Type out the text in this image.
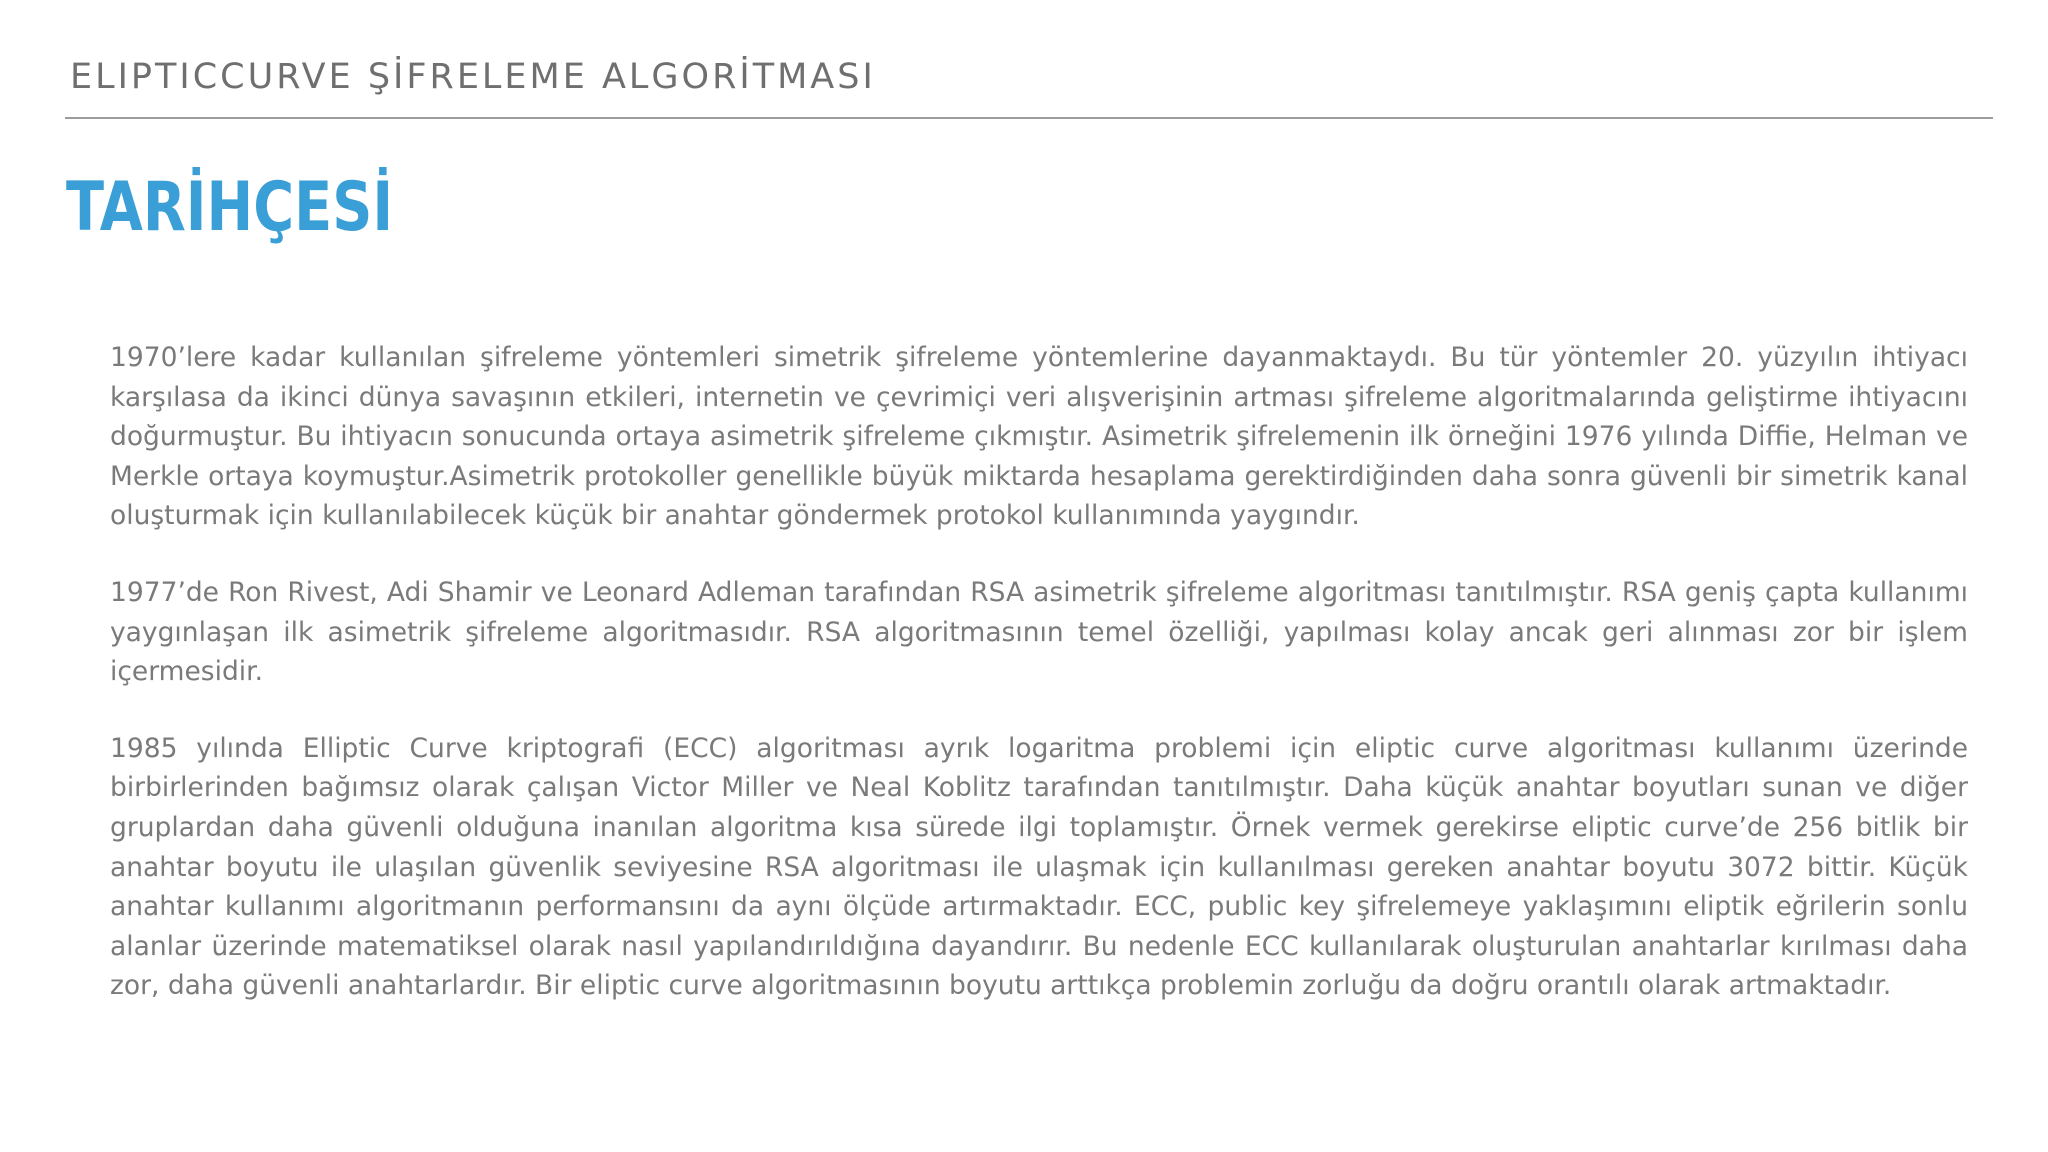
ELIPTICCURVE ŞİFRELEME ALGORİTMASI
TARİHÇESİ

1970’lere kadar kullanılan şifreleme yöntemleri simetrik şifreleme yöntemlerine dayanmaktaydı. Bu tür yöntemler 20. yüzyılın ihtiyacı karşılasa da ikinci dünya savaşının etkileri, internetin ve çevrimiçi veri alışverişinin artması şifreleme algoritmalarında geliştirme ihtiyacını doğurmuştur. Bu ihtiyacın sonucunda ortaya asimetrik şifreleme çıkmıştır. Asimetrik şifrelemenin ilk örneğini 1976 yılında Diffie, Helman ve Merkle ortaya koymuştur.Asimetrik protokoller genellikle büyük miktarda hesaplama gerektirdiğinden daha sonra güvenli bir simetrik kanal oluşturmak için kullanılabilecek küçük bir anahtar göndermek protokol kullanımında yaygındır.

1977’de Ron Rivest, Adi Shamir ve Leonard Adleman tarafından RSA asimetrik şifreleme algoritması tanıtılmıştır. RSA geniş çapta kullanımı yaygınlaşan ilk asimetrik şifreleme algoritmasıdır. RSA algoritmasının temel özelliği, yapılması kolay ancak geri alınması zor bir işlem içermesidir.

1985 yılında Elliptic Curve kriptografi (ECC) algoritması ayrık logaritma problemi için eliptic curve algoritması kullanımı üzerinde birbirlerinden bağımsız olarak çalışan Victor Miller ve Neal Koblitz tarafından tanıtılmıştır. Daha küçük anahtar boyutları sunan ve diğer gruplardan daha güvenli olduğuna inanılan algoritma kısa sürede ilgi toplamıştır. Örnek vermek gerekirse eliptic curve’de 256 bitlik bir anahtar boyutu ile ulaşılan güvenlik seviyesine RSA algoritması ile ulaşmak için kullanılması gereken anahtar boyutu 3072 bittir. Küçük anahtar kullanımı algoritmanın performansını da aynı ölçüde artırmaktadır. ECC, public key şifrelemeye yaklaşımını eliptik eğrilerin sonlu alanlar üzerinde matematiksel olarak nasıl yapılandırıldığına dayandırır. Bu nedenle ECC kullanılarak oluşturulan anahtarlar kırılması daha zor, daha güvenli anahtarlardır. Bir eliptic curve algoritmasının boyutu arttıkça problemin zorluğu da doğru orantılı olarak artmaktadır.
